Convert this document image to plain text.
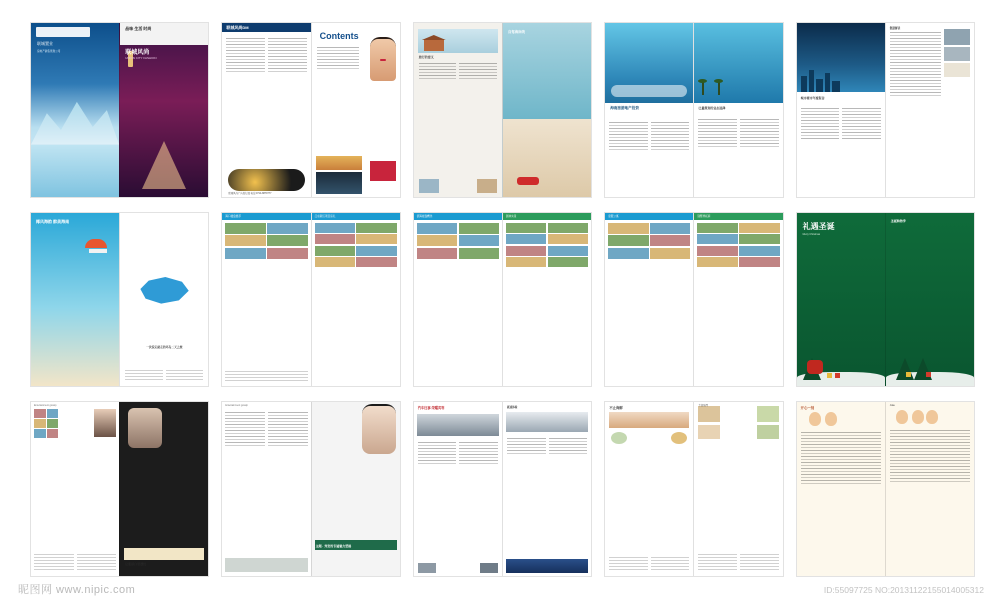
联城置业
房地产销售策划公司
品味 生活 时尚
联城风尚
UNION CITY FASHION
联城风尚DM
联城风尚广告发行部 电话:0714-8879777
Contents
旅行的意义
自驾海岸线
海南旅游地产投资	已量规划的业态选择
城市楼市年度报告
数据解读
椰风海韵 醉美海南
一次说走就走的环岛二天之旅
海口楼盘推荐	江东新区项目巡礼	滨海楼盘精选	园林实景	度假公寓	别墅样板间
礼遇圣诞
Merry Christmas
圣诞购物季
Entertainment gossip
让肌肤白里透红
Entertainment gossip
主题 · 秀发的专属魅力型格
汽车往事:荣耀宾利	极速体验	不止海鲜
美食地图
开心一刻
Joke
昵图网 www.nipic.com	ID:55097725 NO:20131122155014005312
